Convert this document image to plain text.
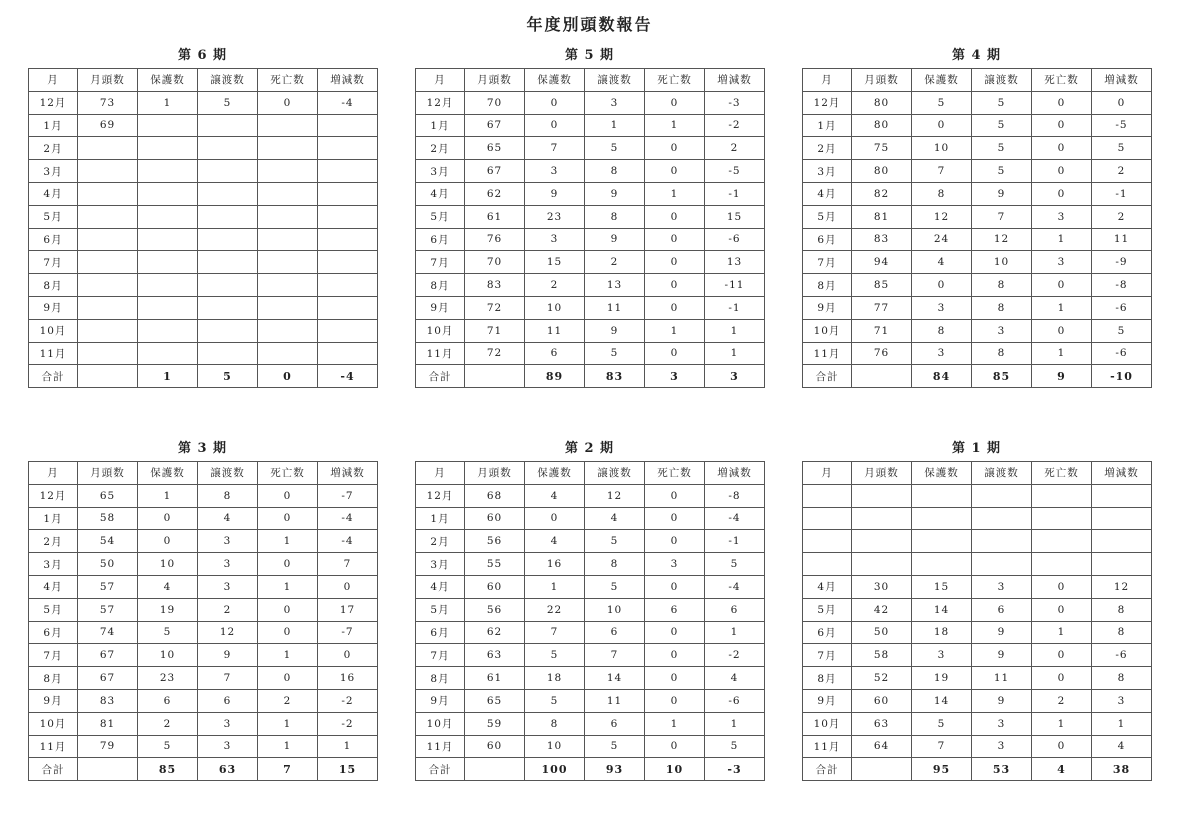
年度別頭数報告
第 6 期
月	月頭数	保護数	譲渡数	死亡数	増減数
12月	73	1	5	0	-4
1月	69				
2月					
3月					
4月					
5月					
6月					
7月					
8月					
9月					
10月					
11月					
合計		1	5	0	-4
第 5 期
月	月頭数	保護数	譲渡数	死亡数	増減数
12月	70	0	3	0	-3
1月	67	0	1	1	-2
2月	65	7	5	0	2
3月	67	3	8	0	-5
4月	62	9	9	1	-1
5月	61	23	8	0	15
6月	76	3	9	0	-6
7月	70	15	2	0	13
8月	83	2	13	0	-11
9月	72	10	11	0	-1
10月	71	11	9	1	1
11月	72	6	5	0	1
合計		89	83	3	3
第 4 期
月	月頭数	保護数	譲渡数	死亡数	増減数
12月	80	5	5	0	0
1月	80	0	5	0	-5
2月	75	10	5	0	5
3月	80	7	5	0	2
4月	82	8	9	0	-1
5月	81	12	7	3	2
6月	83	24	12	1	11
7月	94	4	10	3	-9
8月	85	0	8	0	-8
9月	77	3	8	1	-6
10月	71	8	3	0	5
11月	76	3	8	1	-6
合計		84	85	9	-10
第 3 期
月	月頭数	保護数	譲渡数	死亡数	増減数
12月	65	1	8	0	-7
1月	58	0	4	0	-4
2月	54	0	3	1	-4
3月	50	10	3	0	7
4月	57	4	3	1	0
5月	57	19	2	0	17
6月	74	5	12	0	-7
7月	67	10	9	1	0
8月	67	23	7	0	16
9月	83	6	6	2	-2
10月	81	2	3	1	-2
11月	79	5	3	1	1
合計		85	63	7	15
第 2 期
月	月頭数	保護数	譲渡数	死亡数	増減数
12月	68	4	12	0	-8
1月	60	0	4	0	-4
2月	56	4	5	0	-1
3月	55	16	8	3	5
4月	60	1	5	0	-4
5月	56	22	10	6	6
6月	62	7	6	0	1
7月	63	5	7	0	-2
8月	61	18	14	0	4
9月	65	5	11	0	-6
10月	59	8	6	1	1
11月	60	10	5	0	5
合計		100	93	10	-3
第 1 期
月	月頭数	保護数	譲渡数	死亡数	増減数

4月	30	15	3	0	12
5月	42	14	6	0	8
6月	50	18	9	1	8
7月	58	3	9	0	-6
8月	52	19	11	0	8
9月	60	14	9	2	3
10月	63	5	3	1	1
11月	64	7	3	0	4
合計		95	53	4	38
